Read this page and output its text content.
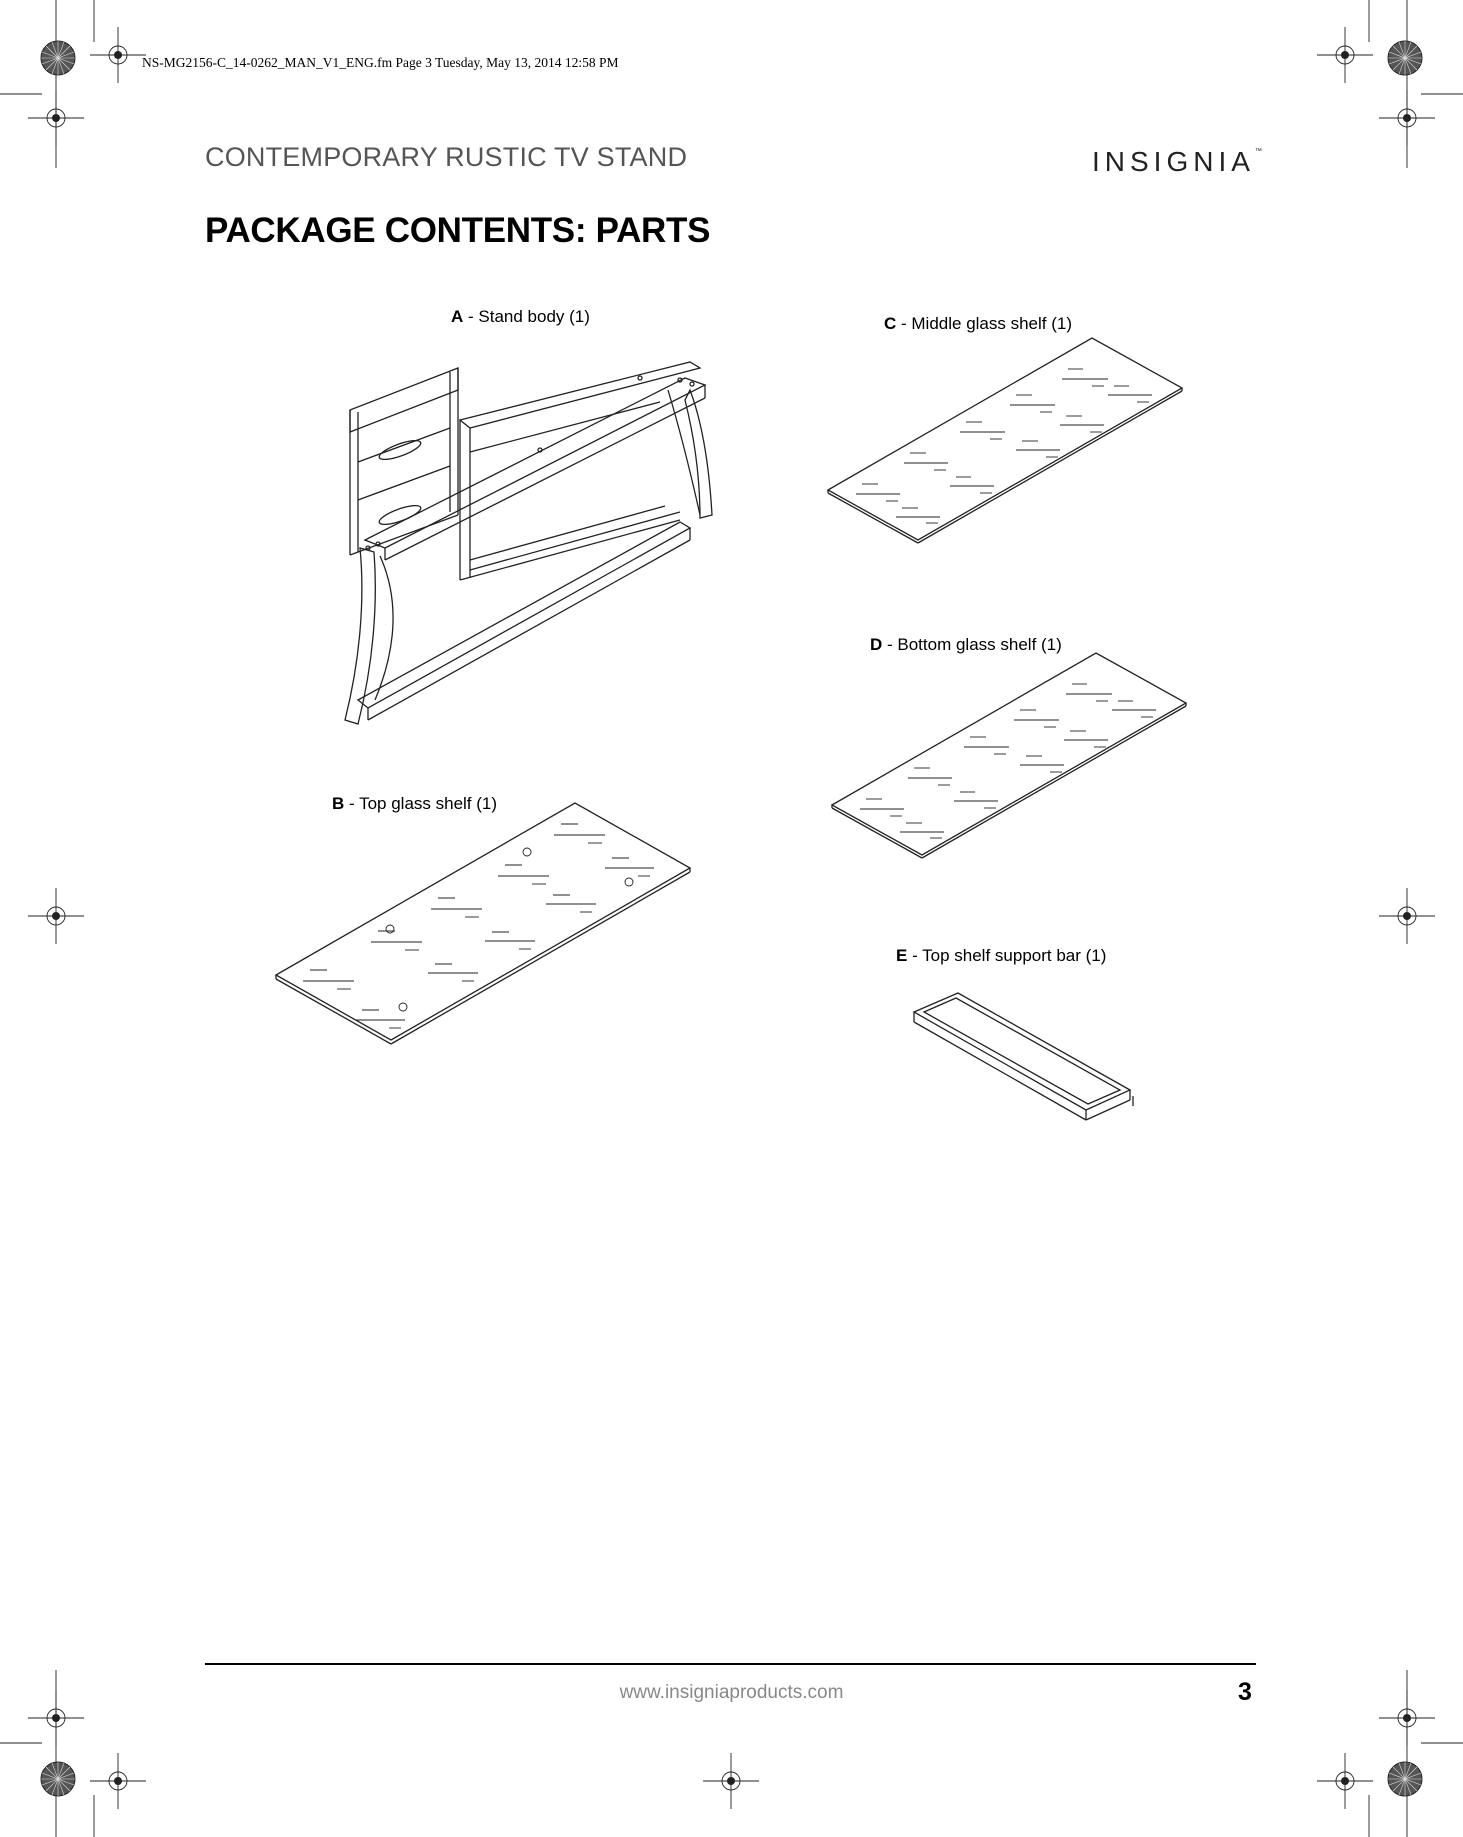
NS-MG2156-C_14-0262_MAN_V1_ENG.fm Page 3 Tuesday, May 13, 2014 12:58 PM
CONTEMPORARY RUSTIC TV STAND	INSIGNIA™
PACKAGE CONTENTS: PARTS
A - Stand body (1)	C - Middle glass shelf (1)
D - Bottom glass shelf (1)
B - Top glass shelf (1)
E - Top shelf support bar (1)
www.insigniaproducts.com	3
